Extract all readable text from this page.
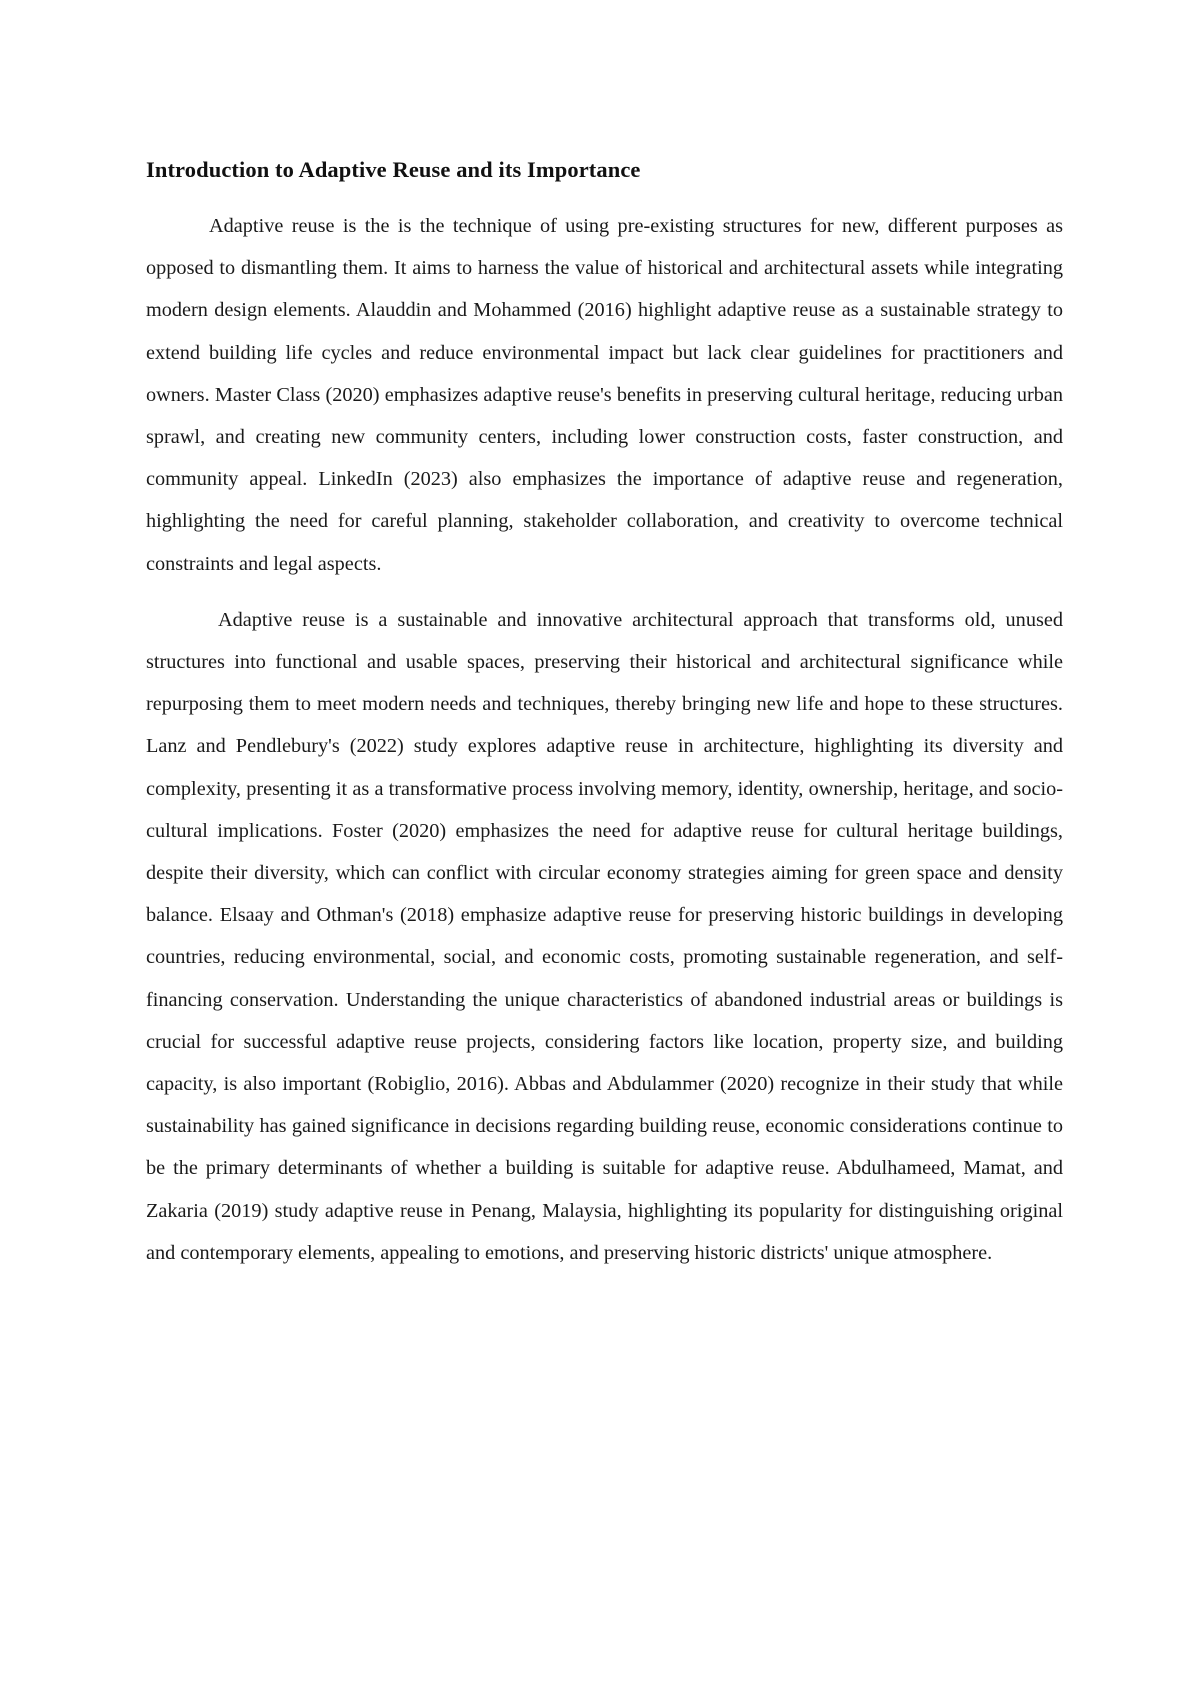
Introduction to Adaptive Reuse and its Importance

Adaptive reuse is the is the technique of using pre-existing structures for new, different purposes as opposed to dismantling them. It aims to harness the value of historical and architectural assets while integrating modern design elements. Alauddin and Mohammed (2016) highlight adaptive reuse as a sustainable strategy to extend building life cycles and reduce environmental impact but lack clear guidelines for practitioners and owners. Master Class (2020) emphasizes adaptive reuse's benefits in preserving cultural heritage, reducing urban sprawl, and creating new community centers, including lower construction costs, faster construction, and community appeal. LinkedIn (2023) also emphasizes the importance of adaptive reuse and regeneration, highlighting the need for careful planning, stakeholder collaboration, and creativity to overcome technical constraints and legal aspects.

Adaptive reuse is a sustainable and innovative architectural approach that transforms old, unused structures into functional and usable spaces, preserving their historical and architectural significance while repurposing them to meet modern needs and techniques, thereby bringing new life and hope to these structures. Lanz and Pendlebury's (2022) study explores adaptive reuse in architecture, highlighting its diversity and complexity, presenting it as a transformative process involving memory, identity, ownership, heritage, and socio-cultural implications. Foster (2020) emphasizes the need for adaptive reuse for cultural heritage buildings, despite their diversity, which can conflict with circular economy strategies aiming for green space and density balance. Elsaay and Othman's (2018) emphasize adaptive reuse for preserving historic buildings in developing countries, reducing environmental, social, and economic costs, promoting sustainable regeneration, and self-financing conservation. Understanding the unique characteristics of abandoned industrial areas or buildings is crucial for successful adaptive reuse projects, considering factors like location, property size, and building capacity, is also important (Robiglio, 2016). Abbas and Abdulammer (2020) recognize in their study that while sustainability has gained significance in decisions regarding building reuse, economic considerations continue to be the primary determinants of whether a building is suitable for adaptive reuse. Abdulhameed, Mamat, and Zakaria (2019) study adaptive reuse in Penang, Malaysia, highlighting its popularity for distinguishing original and contemporary elements, appealing to emotions, and preserving historic districts' unique atmosphere.
